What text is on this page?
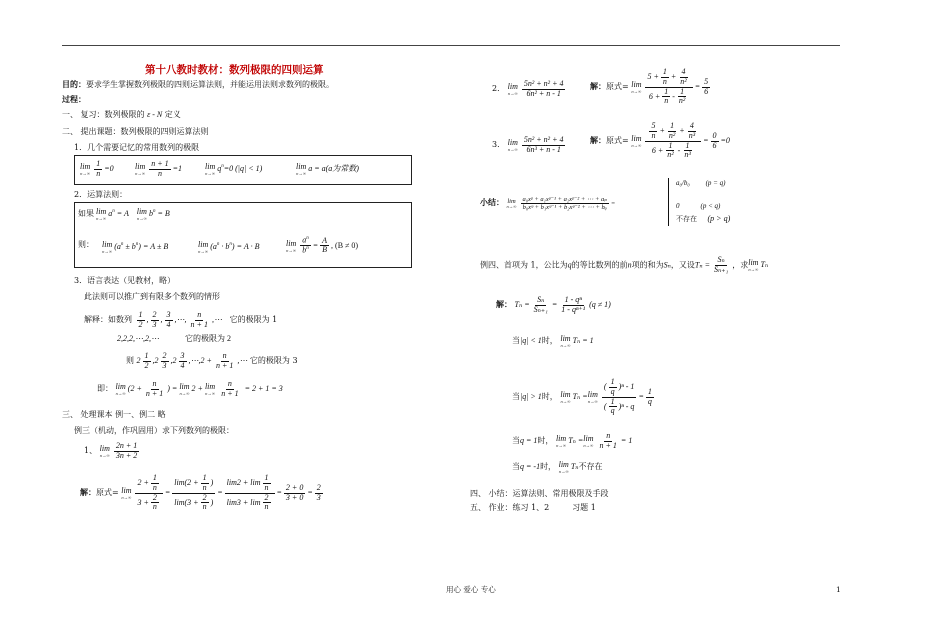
第十八教时教材：数列极限的四则运算
目的：要求学生掌握数列极限的四则运算法则，并能运用法则求数列的极限。
过程：
一、 复习：数列极限的 ε - N 定义
二、 提出课题：数列极限的四则运算法则
1．几个需要记忆的常用数列的极限
lim
$n\to\infty \frac{1}{n} =0$	lim
$n\to\infty \frac{n + 1}{n} =1$	lim
n→∞
$q^n=0$ (|q| < 1)	lim
n→∞
a = a(a为常数)
2．运算法则：
如果 lim
n→∞
$a^n = A$ lim
n→∞
$b^n = B$
则： lim
n→∞
$(a^n \pm b^n) = A \pm B$	lim
n→∞
$(a^n \cdot b^n) = A \cdot B$	lim
$n\to\infty \frac{a^n}{b^n} = \frac{A}{B}$ , (B ≠ 0)
3．语言表达（见教材，略）
此法则可以推广到有限多个数列的情形
解释：如数列 $\frac{1}{2}$ , $\frac{2}{3}$ , $\frac{3}{4}$ ,⋯, $\frac{n}{n + 1}$ ,⋯ 它的极限为 1
2,2,2,⋯,2,⋯	它的极限为 2
则 $2 \frac{1}{2} ,2 \frac{2}{3} ,2 \frac{3}{4}$ ,⋯,2 + $\frac{n}{n + 1}$ ,⋯ 它的极限为 3
即： lim
n→∞
($2 + \frac{n}{n + 1}$ ) = lim
n→∞
2 + lim
$n\to\infty \frac{n}{n + 1} = 2 + 1 = 3$
三、 处理课本 例一、例二 略
例三（机动，作巩固用）求下列数列的极限：
1、 lim
$n\to\infty \frac{2n + 1}{3n + 2}$
解：原式= lim
$n\to\infty \frac{2 + \frac{1}{n}}{3 + \frac{2}{n}} = \frac{\lim(2 + \frac{1}{n} )}{\lim(3 + \frac{2}{n} )} = \frac{\lim 2 + \lim \frac{1}{n}}{\lim 3 + \lim \frac{2}{n}} = \frac{2 + 0}{3 + 0} = \frac{2}{3}$
2． lim
$n\to\infty \frac{\text{5n² + n² + 4}}{\text{6n² + n - 1}}$	解：原式= lim
$n\to\infty \frac{5 + \frac{1}{n} + \frac{4}{\text{n²}}}{6 + \frac{1}{n} - \frac{1}{\text{n²}}} = \frac{5}{6}$
3． lim
$n\to\infty \frac{\text{5n² + n² + 4}}{\text{6n³ + n - 1}}$	解：原式= lim
$n\to\infty \frac{\frac{5}{n} + \frac{1}{\text{n²}} + \frac{4}{\text{n³}}}{6 + \frac{1}{\text{n²}} - \frac{1}{\text{n³}}} = \frac{0}{6} =0$
小结： lim
$n\to\infty \frac{\text{a₀xᵖ + a₁xᵖ⁻¹ + a₂xᵖ⁻² + ⋯ + aₚ}}{\text{b₀xᵠ + b₁xᵠ⁻¹ + b₂xᵠ⁻² + ⋯ + bᵩ}}$ =
a₀/b₀ (p = q)
0	(p < q)
不存在 (p > q)
例四、首项为 1，公比为q的等比数列的前n项的和为Sₙ，又设$T_n = \frac{\text{Sₙ}}{\text{Sₙ₊₁}}$ ，求 lim
n→∞
Tₙ
解： $T_n = \frac{\text{Sₙ}}{\text{Sₙ₊₁}} = \frac{\text{1 - qⁿ}}{\text{1 - qⁿ⁺¹}} (q \ne 1)$
当|q| < 1时， lim
n→∞
Tₙ = 1
当|q| > 1时， lim
n→∞
Tₙ = lim
$n\to\infty \frac{( \frac{1}{q} )^n - 1}{( \frac{1}{q} )^n - q} = \frac{1}{q}$
当q = 1时， lim
n→∞
Tₙ = lim
$n\to\infty \frac{n}{n + 1} = 1$
当q = -1时， lim
n→∞
Tₙ不存在
四、 小结：运算法则、常用极限及手段
五、 作业：练习 1、2	习题 1
用心 爱心 专心	1
